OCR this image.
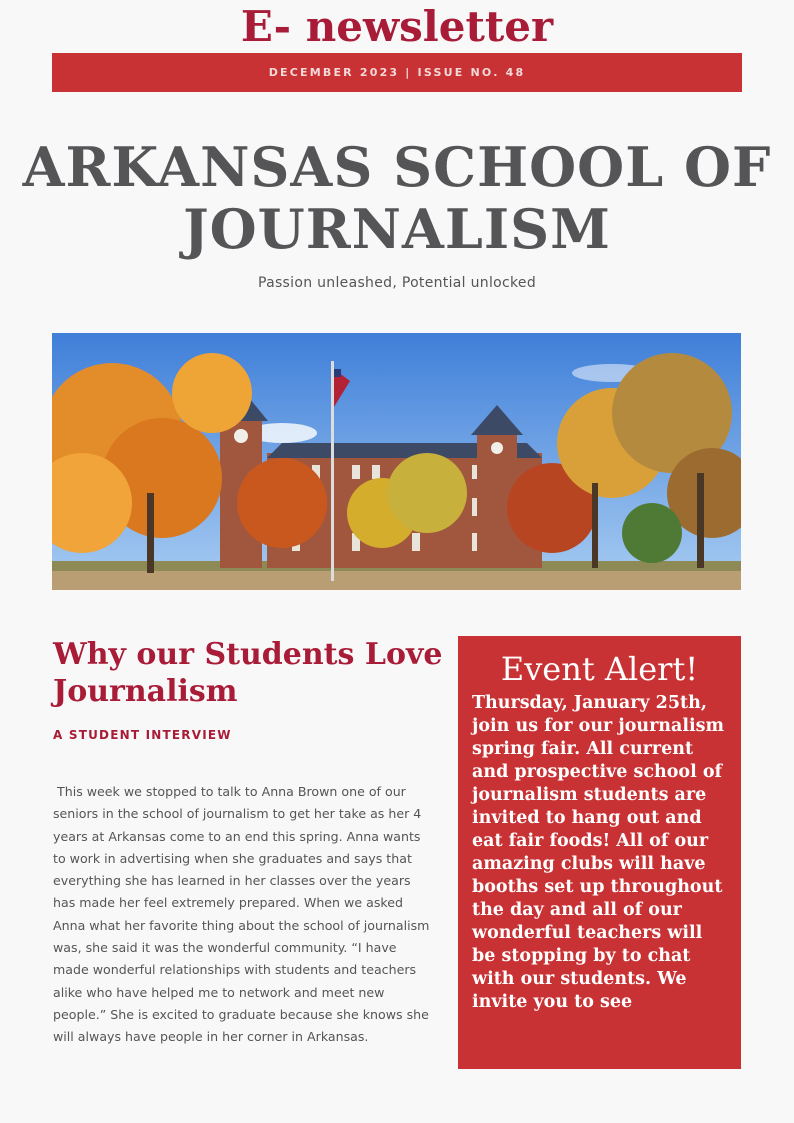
E- newsletter
DECEMBER 2023 | ISSUE NO. 48
ARKANSAS SCHOOL OF JOURNALISM
Passion unleashed, Potential unlocked
Why our Students Love Journalism
A STUDENT INTERVIEW
This week we stopped to talk to Anna Brown one of our seniors in the school of journalism to get her take as her 4 years at Arkansas come to an end this spring. Anna wants to work in advertising when she graduates and says that everything she has learned in her classes over the years has made her feel extremely prepared. When we asked Anna what her favorite thing about the school of journalism was, she said it was the wonderful community. “I have made wonderful relationships with students and teachers alike who have helped me to network and meet new people.” She is excited to graduate because she knows she will always have people in her corner in Arkansas.
Event Alert!
Thursday, January 25th, join us for our journalism spring fair. All current and prospective school of journalism students are invited to hang out and eat fair foods! All of our amazing clubs will have booths set up throughout the day and all of our wonderful teachers will be stopping by to chat with our students. We invite you to see
